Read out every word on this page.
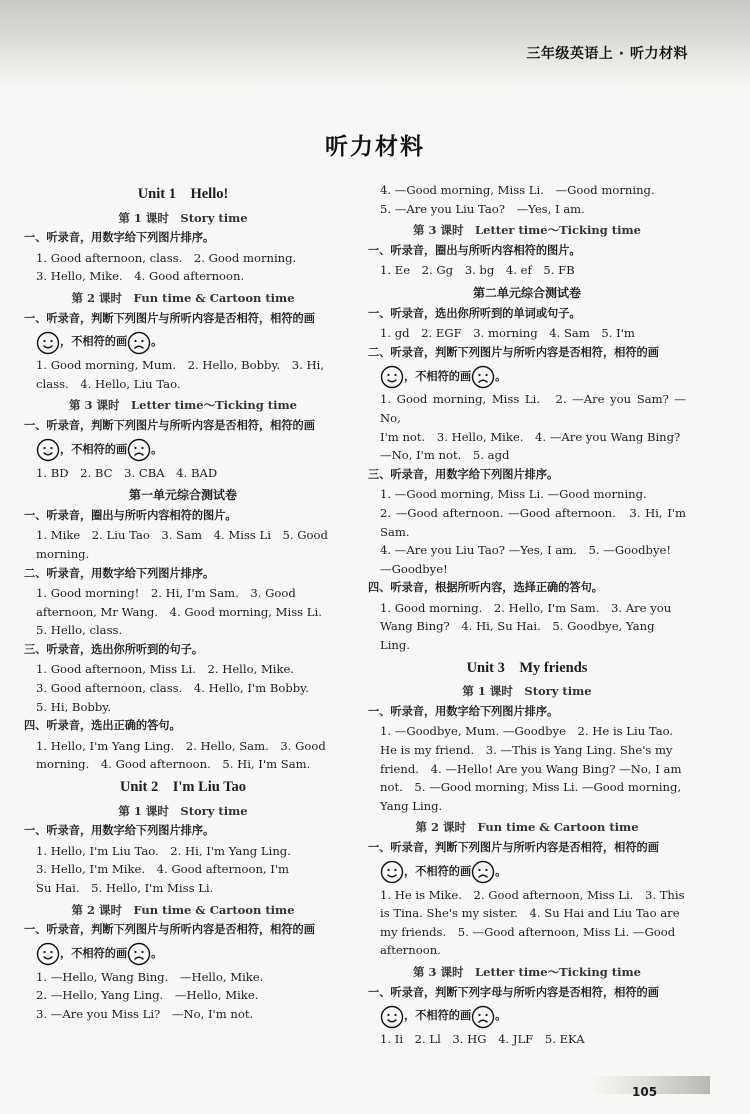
三年级英语上 · 听力材料
听力材料
Unit 1　Hello!
第 1 课时　Story time
一、听录音，用数字给下列图片排序。
1. Good afternoon, class.　2. Good morning.
3. Hello, Mike.　4. Good afternoon.
第 2 课时　Fun time & Cartoon time
一、听录音，判断下列图片与所听内容是否相符，相符的画
，不相符的画 。
1. Good morning, Mum.　2. Hello, Bobby.　3. Hi,
class.　4. Hello, Liu Tao.
第 3 课时　Letter time～Ticking time
一、听录音，判断下列图片与所听内容是否相符，相符的画
，不相符的画 。
1. BD　2. BC　3. CBA　4. BAD
第一单元综合测试卷
一、听录音，圈出与所听内容相符的图片。
1. Mike　2. Liu Tao　3. Sam　4. Miss Li　5. Good
morning.
二、听录音，用数字给下列图片排序。
1. Good morning!　2. Hi, I'm Sam.　3. Good
afternoon, Mr Wang.　4. Good morning, Miss Li.
5. Hello, class.
三、听录音，选出你所听到的句子。
1. Good afternoon, Miss Li.　2. Hello, Mike.
3. Good afternoon, class.　4. Hello, I'm Bobby.
5. Hi, Bobby.
四、听录音，选出正确的答句。
1. Hello, I'm Yang Ling.　2. Hello, Sam.　3. Good
morning.　4. Good afternoon.　5. Hi, I'm Sam.
Unit 2　I'm Liu Tao
第 1 课时　Story time
一、听录音，用数字给下列图片排序。
1. Hello, I'm Liu Tao.　2. Hi, I'm Yang Ling.
3. Hello, I'm Mike.　4. Good afternoon, I'm
Su Hai.　5. Hello, I'm Miss Li.
第 2 课时　Fun time & Cartoon time
一、听录音，判断下列图片与所听内容是否相符，相符的画
，不相符的画 。
1. —Hello, Wang Bing.　—Hello, Mike.
2. —Hello, Yang Ling.　—Hello, Mike.
3. —Are you Miss Li?　—No, I'm not.
4. —Good morning, Miss Li.　—Good morning.
5. —Are you Liu Tao?　—Yes, I am.
第 3 课时　Letter time～Ticking time
一、听录音，圈出与所听内容相符的图片。
1. Ee　2. Gg　3. bg　4. ef　5. FB
第二单元综合测试卷
一、听录音，选出你所听到的单词或句子。
1. gd　2. EGF　3. morning　4. Sam　5. I'm
二、听录音，判断下列图片与所听内容是否相符，相符的画
，不相符的画 。
1. Good morning, Miss Li.　2. —Are you Sam? —No,
I'm not.　3. Hello, Mike.　4. —Are you Wang Bing?
—No, I'm not.　5. agd
三、听录音，用数字给下列图片排序。
1. —Good morning, Miss Li. —Good morning.
2. —Good afternoon. —Good afternoon.　3. Hi, I'm Sam.
4. —Are you Liu Tao? —Yes, I am.　5. —Goodbye!
—Goodbye!
四、听录音，根据所听内容，选择正确的答句。
1. Good morning.　2. Hello, I'm Sam.　3. Are you
Wang Bing?　4. Hi, Su Hai.　5. Goodbye, Yang
Ling.
Unit 3　My friends
第 1 课时　Story time
一、听录音，用数字给下列图片排序。
1. —Goodbye, Mum. —Goodbye　2. He is Liu Tao.
He is my friend.　3. —This is Yang Ling. She's my
friend.　4. —Hello! Are you Wang Bing? —No, I am
not.　5. —Good morning, Miss Li. —Good morning,
Yang Ling.
第 2 课时　Fun time & Cartoon time
一、听录音，判断下列图片与所听内容是否相符，相符的画
，不相符的画 。
1. He is Mike.　2. Good afternoon, Miss Li.　3. This
is Tina. She's my sister.　4. Su Hai and Liu Tao are
my friends.　5. —Good afternoon, Miss Li. —Good
afternoon.
第 3 课时　Letter time～Ticking time
一、听录音，判断下列字母与所听内容是否相符，相符的画
，不相符的画 。
1. Ii　2. Ll　3. HG　4. JLF　5. EKA
105
